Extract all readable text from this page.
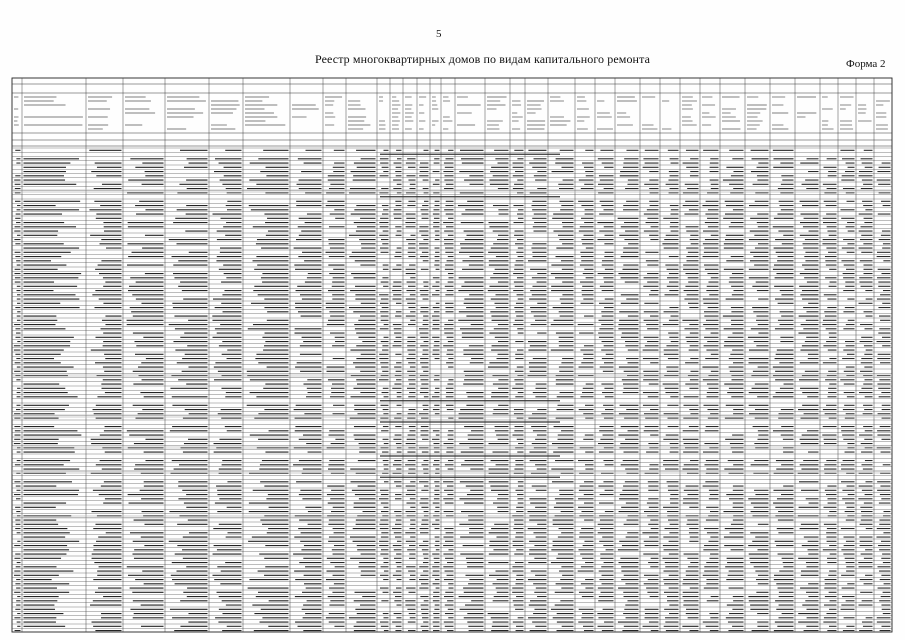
5
Реестр многоквартирных домов по видам капитального ремонта	Форма 2
